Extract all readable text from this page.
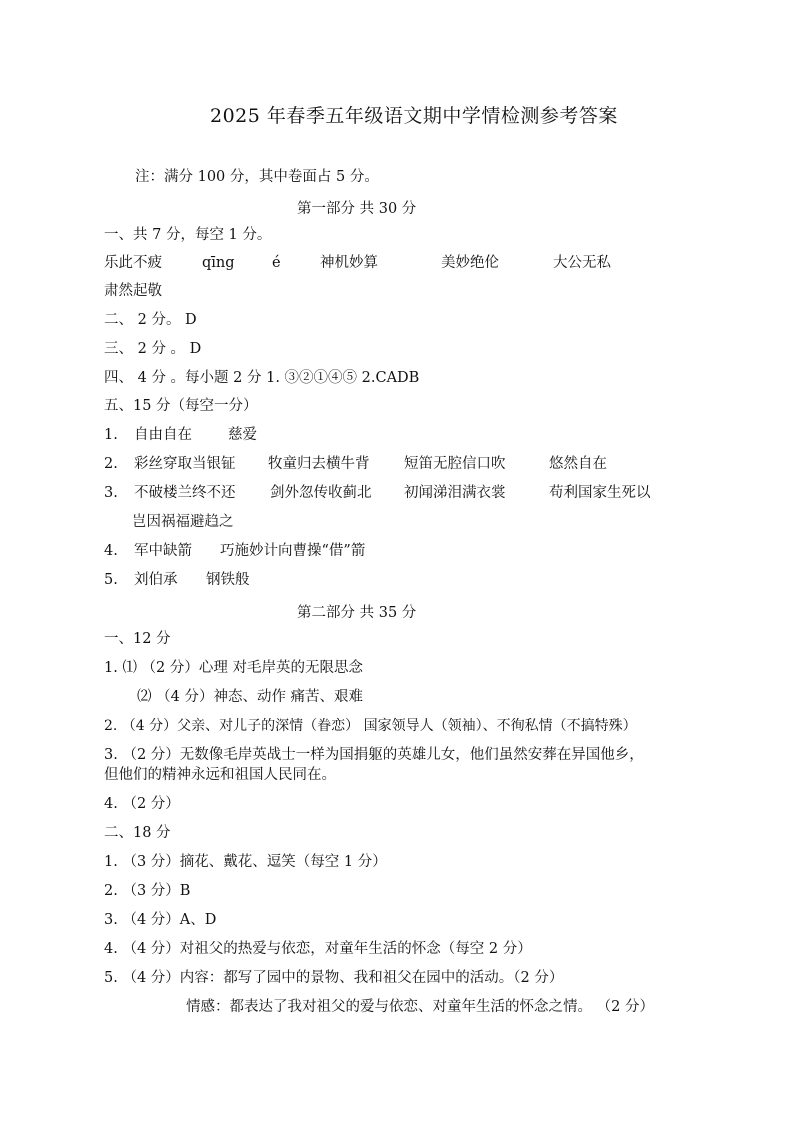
2025 年春季五年级语文期中学情检测参考答案
注：满分 100 分，其中卷面占 5 分。
第一部分 共 30 分
一、共 7 分，每空 1 分。
乐此不疲	qīng	é	神机妙算	美妙绝伦	大公无私
肃然起敬
二、 2 分。 D
三、 2 分 。 D
四、 4 分 。每小题 2 分 1. ③②①④⑤ 2.CADB
五、15 分（每空一分）
1. 自由自在 慈爱
2. 彩丝穿取当银钲 牧童归去横牛背 短笛无腔信口吹	悠然自在
3. 不破楼兰终不还 剑外忽传收蓟北 初闻涕泪满衣裳	苟利国家生死以
岂因祸福避趋之
4. 军中缺箭 巧施妙计向曹操“借”箭
5. 刘伯承 钢铁般
第二部分 共 35 分
一、12 分
1. ⑴ （2 分）心理 对毛岸英的无限思念
⑵ （4 分）神态、动作 痛苦、艰难
2. （4 分）父亲、对儿子的深情（眷恋） 国家领导人（领袖）、不徇私情（不搞特殊）
3. （2 分）无数像毛岸英战士一样为国捐躯的英雄儿女，他们虽然安葬在异国他乡，
但他们的精神永远和祖国人民同在。
4. （2 分）
二、18 分
1. （3 分）摘花、戴花、逗笑（每空 1 分）
2. （3 分）B
3. （4 分）A、D
4. （4 分）对祖父的热爱与依恋，对童年生活的怀念（每空 2 分）
5. （4 分）内容：都写了园中的景物、我和祖父在园中的活动。（2 分）
情感：都表达了我对祖父的爱与依恋、对童年生活的怀念之情。 （2 分）
